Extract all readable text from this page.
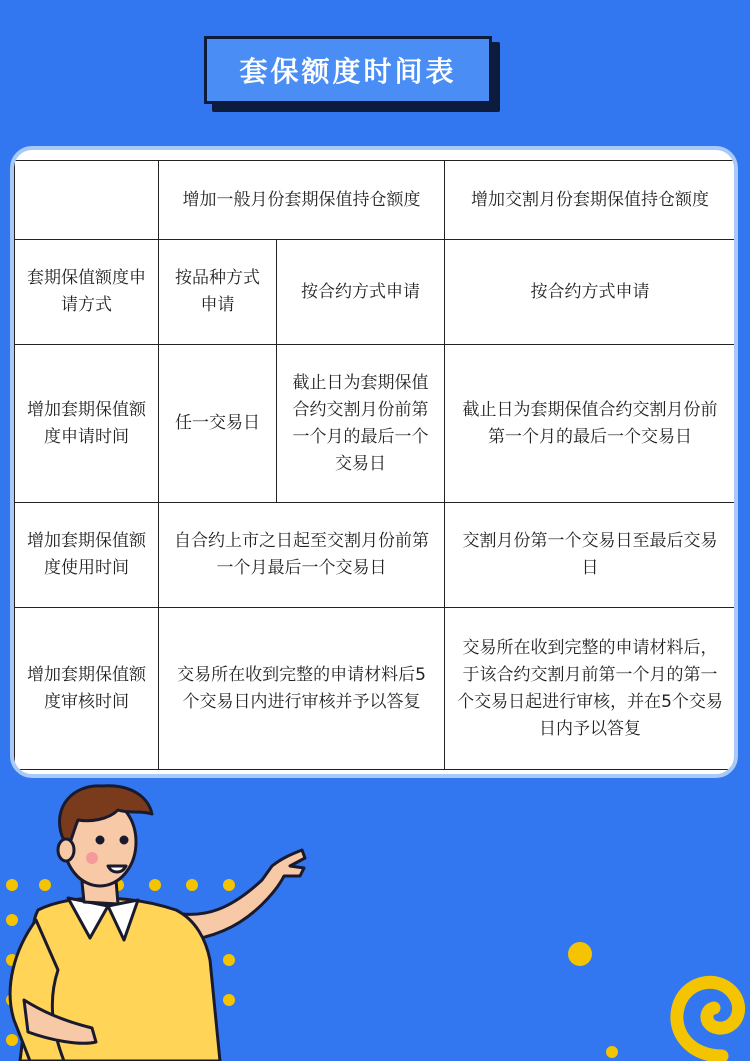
套保额度时间表
增加一般月份套期保值持仓额度	增加交割月份套期保值持仓额度
套期保值额度申请方式
按品种方式申请
按合约方式申请	按合约方式申请
增加套期保值额度申请时间
任一交易日
截止日为套期保值合约交割月份前第一个月的最后一个交易日
截止日为套期保值合约交割月份前第一个月的最后一个交易日
增加套期保值额度使用时间
自合约上市之日起至交割月份前第一个月最后一个交易日
交割月份第一个交易日至最后交易日
增加套期保值额度审核时间
交易所在收到完整的申请材料后5个交易日内进行审核并予以答复
交易所在收到完整的申请材料后，于该合约交割月前第一个月的第一个交易日起进行审核，并在5个交易日内予以答复
